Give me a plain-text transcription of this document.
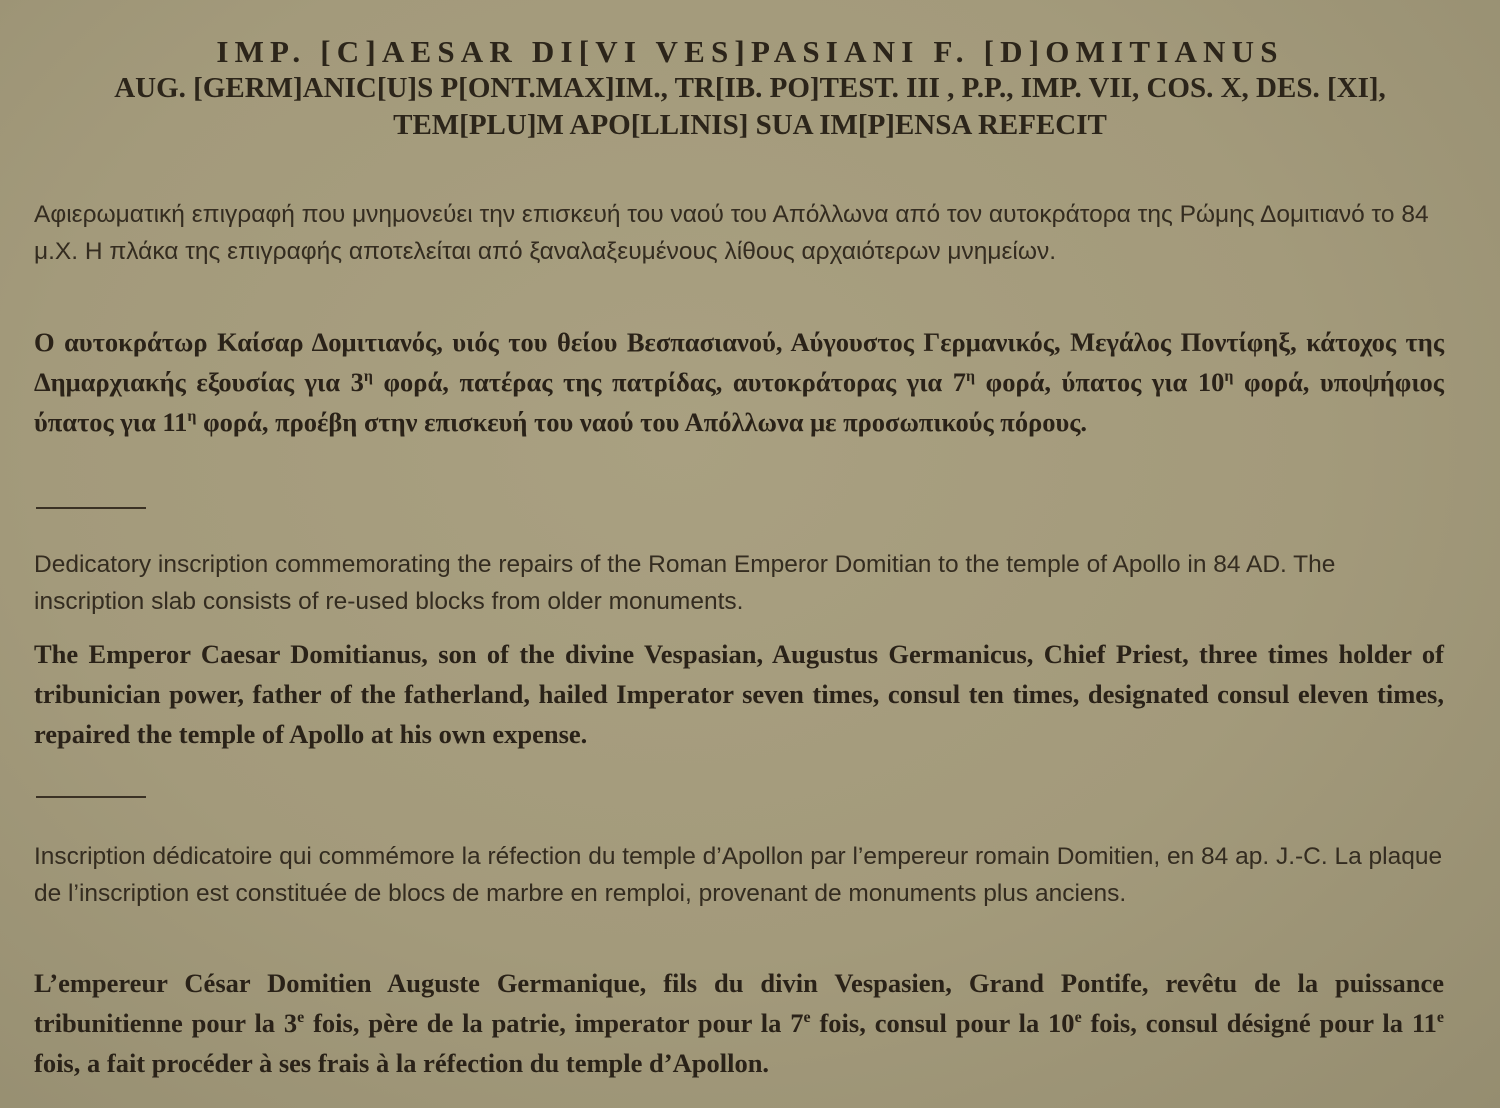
IMP. [C]AESAR DI[VI VES]PASIANI F. [D]OMITIANUS
AUG. [GERM]ANIC[U]S P[ONT.MAX]IM., TR[IB. PO]TEST. III , P.P., IMP. VII, COS. X, DES. [XI],
TEM[PLU]M APO[LLINIS] SUA IM[P]ENSA REFECIT

Αφιερωματική επιγραφή που μνημονεύει την επισκευή του ναού του Απόλλωνα από τον αυτοκράτορα της Ρώμης Δομιτιανό το 84 μ.Χ. Η πλάκα της επιγραφής αποτελείται από ξαναλαξευμένους λίθους αρχαιότερων μνημείων.

Ο αυτοκράτωρ Καίσαρ Δομιτιανός, υιός του θείου Βεσπασιανού, Αύγουστος Γερμανικός, Μεγάλος Ποντίφηξ, κάτοχος της Δημαρχιακής εξουσίας για $3^\eta$ φορά, πατέρας της πατρίδας, αυτοκράτορας για $7^\eta$ φορά, ύπατος για $10^\eta$ φορά, υποψήφιος ύπατος για $11^\eta$ φορά, προέβη στην επισκευή του ναού του Απόλλωνα με προσωπικούς πόρους.

Dedicatory inscription commemorating the repairs of the Roman Emperor Domitian to the temple of Apollo in 84 AD. The inscription slab consists of re-used blocks from older monuments.

The Emperor Caesar Domitianus, son of the divine Vespasian, Augustus Germanicus, Chief Priest, three times holder of tribunician power, father of the fatherland, hailed Imperator seven times, consul ten times, designated consul eleven times, repaired the temple of Apollo at his own expense.

Inscription dédicatoire qui commémore la réfection du temple d’Apollon par l’empereur romain Domitien, en 84 ap. J.-C. La plaque de l’inscription est constituée de blocs de marbre en remploi, provenant de monuments plus anciens.

L’empereur César Domitien Auguste Germanique, fils du divin Vespasien, Grand Pontife, revêtu de la puissance tribunitienne pour la 3e fois, père de la patrie, imperator pour la 7e fois, consul pour la 10e fois, consul désigné pour la 11e fois, a fait procéder à ses frais à la réfection du temple d’Apollon.
